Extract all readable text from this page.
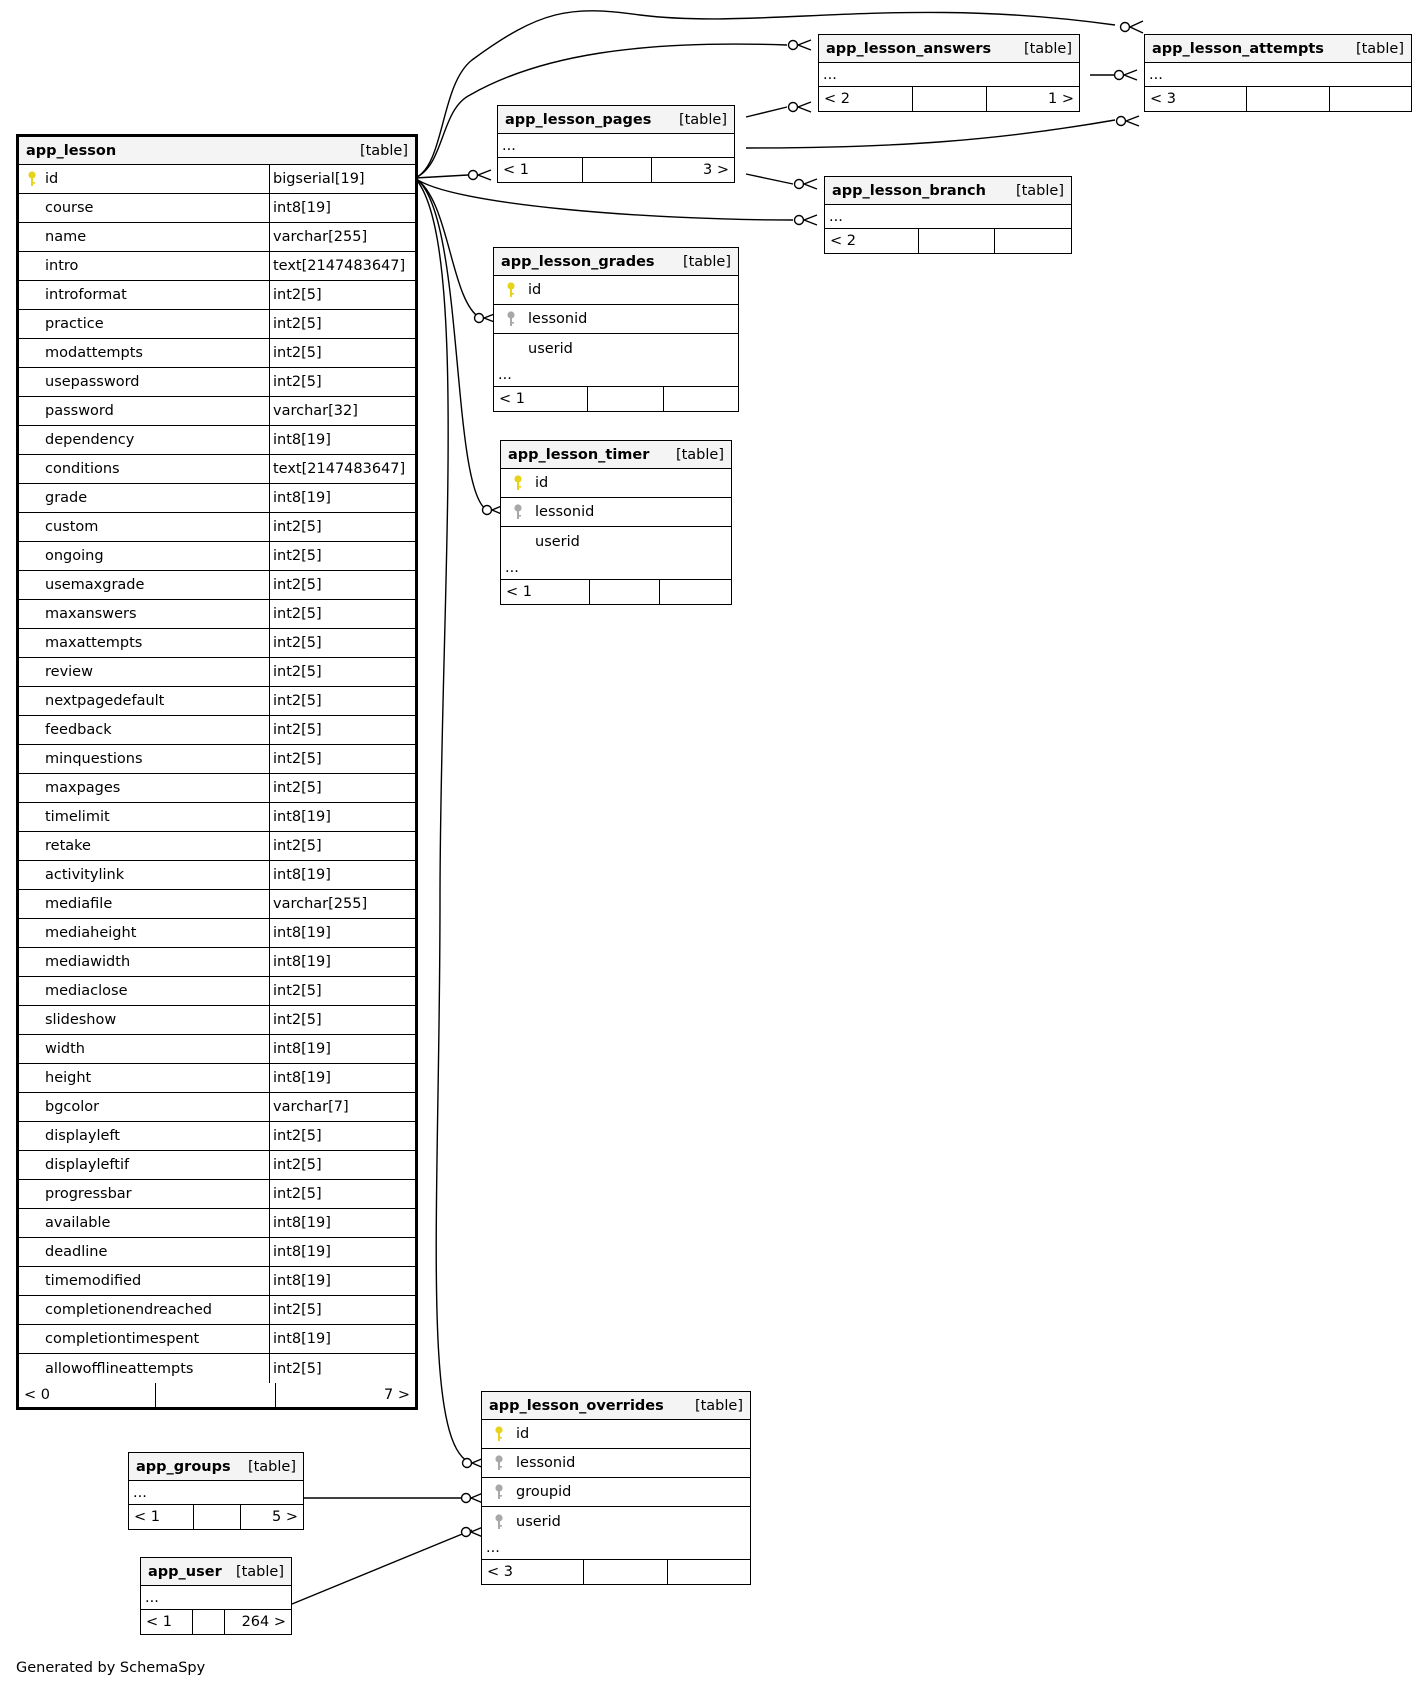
app_lesson	[table]
id	bigserial[19]
course	int8[19]
name	varchar[255]
intro	text[2147483647]
introformat	int2[5]
practice	int2[5]
modattempts	int2[5]
usepassword	int2[5]
password	varchar[32]
dependency	int8[19]
conditions	text[2147483647]
grade	int8[19]
custom	int2[5]
ongoing	int2[5]
usemaxgrade	int2[5]
maxanswers	int2[5]
maxattempts	int2[5]
review	int2[5]
nextpagedefault	int2[5]
feedback	int2[5]
minquestions	int2[5]
maxpages	int2[5]
timelimit	int8[19]
retake	int2[5]
activitylink	int8[19]
mediafile	varchar[255]
mediaheight	int8[19]
mediawidth	int8[19]
mediaclose	int2[5]
slideshow	int2[5]
width	int8[19]
height	int8[19]
bgcolor	varchar[7]
displayleft	int2[5]
displayleftif	int2[5]
progressbar	int2[5]
available	int8[19]
deadline	int8[19]
timemodified	int8[19]
completionendreached	int2[5]
completiontimespent	int8[19]
allowofflineattempts	int2[5]
< 0	7 >
app_lesson_answers [table]
...
< 2	1 >
app_lesson_attempts [table]
...
< 3
app_lesson_pages [table]
...
< 1	3 >
app_lesson_branch [table]
...
< 2
app_lesson_grades [table]
id
lessonid
userid
...
< 1
app_lesson_timer [table]
id
lessonid
userid
...
< 1
app_lesson_overrides [table]
id
lessonid
groupid
userid
...
< 3
app_groups [table]
...
< 1	5 >
app_user [table]
...
< 1	264 >
Generated by SchemaSpy
